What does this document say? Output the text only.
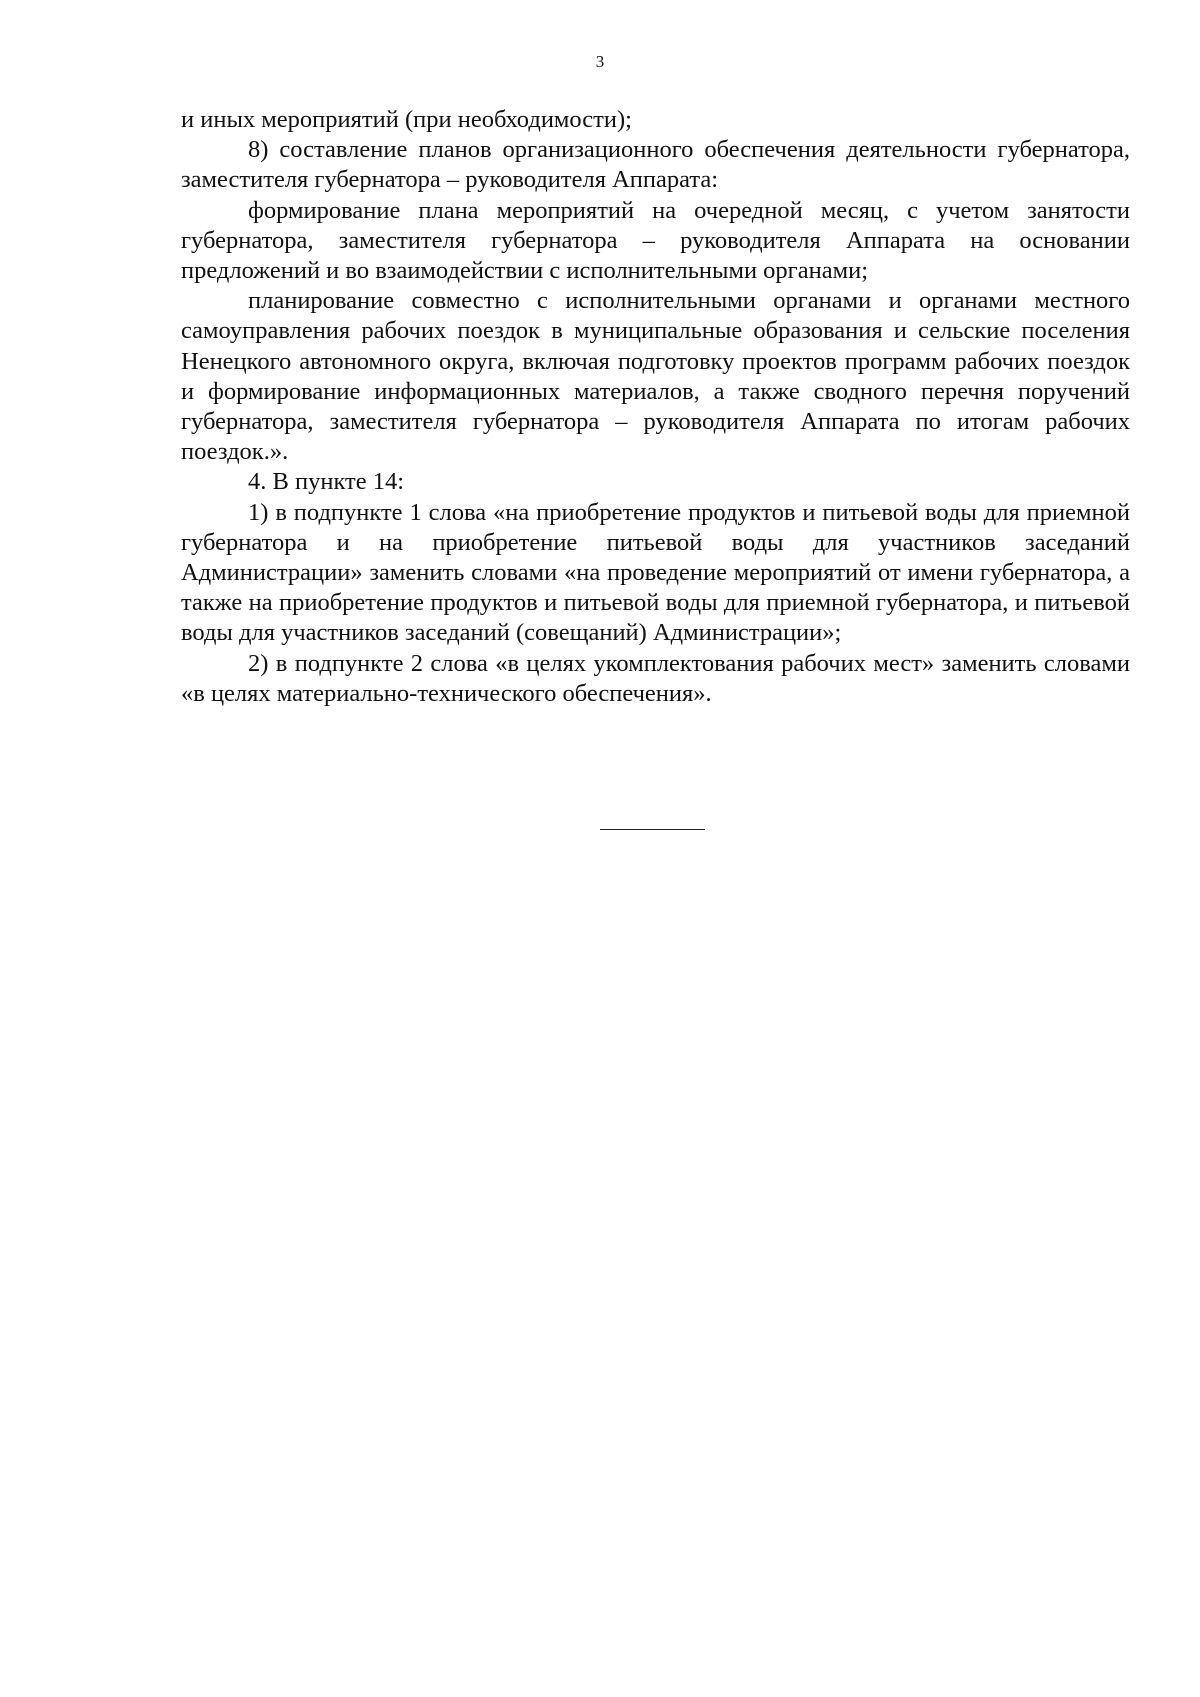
3

и иных мероприятий (при необходимости);

8) составление планов организационного обеспечения деятельности губернатора, заместителя губернатора – руководителя Аппарата:

формирование плана мероприятий на очередной месяц, с учетом занятости губернатора, заместителя губернатора – руководителя Аппарата на основании предложений и во взаимодействии с исполнительными органами;

планирование совместно с исполнительными органами и органами местного самоуправления рабочих поездок в муниципальные образования и сельские поселения Ненецкого автономного округа, включая подготовку проектов программ рабочих поездок и формирование информационных материалов, а также сводного перечня поручений губернатора, заместителя губернатора – руководителя Аппарата по итогам рабочих поездок.».

4. В пункте 14:

1) в подпункте 1 слова «на приобретение продуктов и питьевой воды для приемной губернатора и на приобретение питьевой воды для участников заседаний Администрации» заменить словами «на проведение мероприятий от имени губернатора, а также на приобретение продуктов и питьевой воды для приемной губернатора, и питьевой воды для участников заседаний (совещаний) Администрации»;

2) в подпункте 2 слова «в целях укомплектования рабочих мест» заменить словами «в целях материально-технического обеспечения».
